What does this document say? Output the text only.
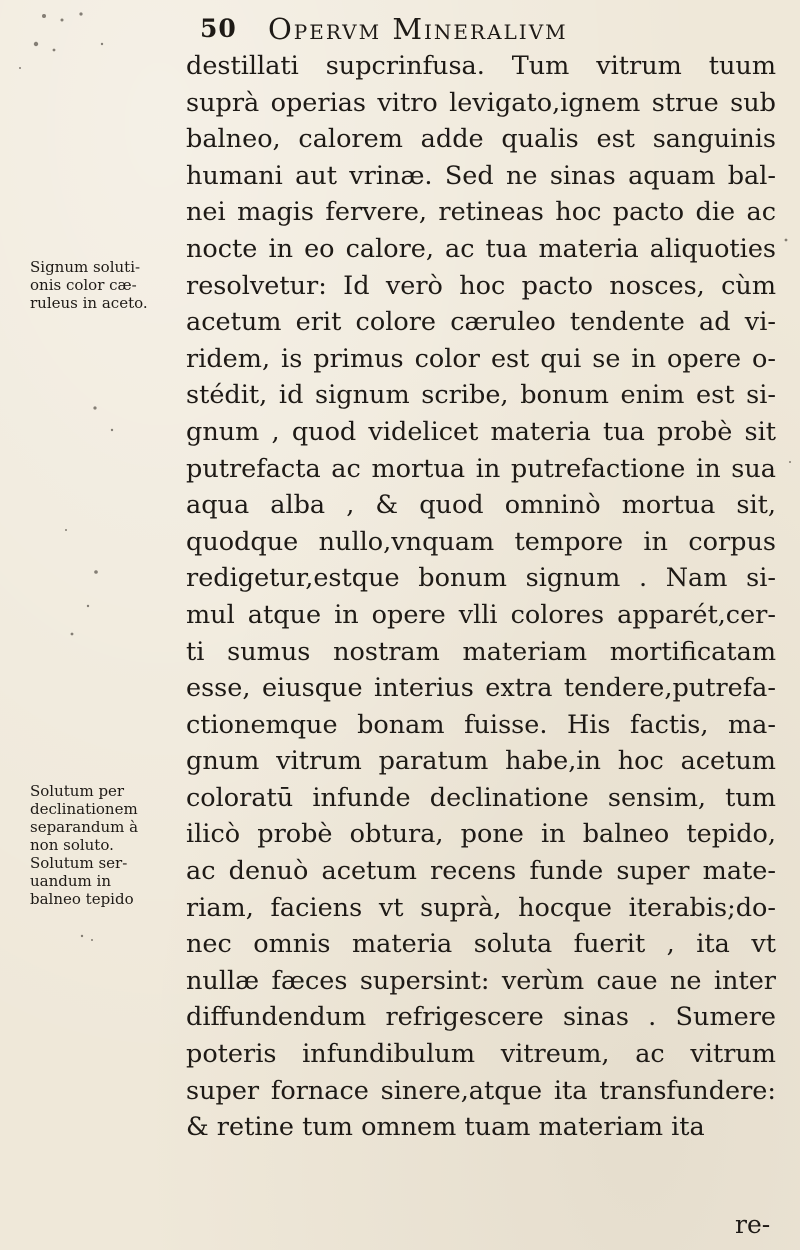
50 Opervm Mineralivm
Signum soluti-
onis color cæ-
ruleus in aceto.
Solutum per
declinationem
separandum à
non soluto.
Solutum ser-
uandum in
balneo tepido
destillati supcrinfusa. Tum vitrum tuum
suprà operias vitro levigato,ignem strue sub
balneo, calorem adde qualis est sanguinis
humani aut vrinæ. Sed ne sinas aquam bal-
nei magis fervere, retineas hoc pacto die ac
nocte in eo calore, ac tua materia aliquoties
resolvetur: Id verò hoc pacto nosces, cùm
acetum erit colore cæruleo tendente ad vi-
ridem, is primus color est qui se in opere o-
stédit, id signum scribe, bonum enim est si-
gnum , quod videlicet materia tua probè sit
putrefacta ac mortua in putrefactione in sua
aqua alba , & quod omninò mortua sit,
quodque nullo,vnquam tempore in corpus
redigetur,estque bonum signum . Nam si-
mul atque in opere vlli colores apparét,cer-
ti sumus nostram materiam mortificatam
esse, eiusque interius extra tendere,putrefa-
ctionemque bonam fuisse. His factis, ma-
gnum vitrum paratum habe,in hoc acetum
coloratū infunde declinatione sensim, tum
ilicò probè obtura, pone in balneo tepido,
ac denuò acetum recens funde super mate-
riam, faciens vt suprà, hocque iterabis;do-
nec omnis materia soluta fuerit , ita vt
nullæ fæces supersint: verùm caue ne inter
diffundendum refrigescere sinas . Sumere
poteris infundibulum vitreum, ac vitrum
super fornace sinere,atque ita transfundere:
& retine tum omnem tuam materiam ita
re-
